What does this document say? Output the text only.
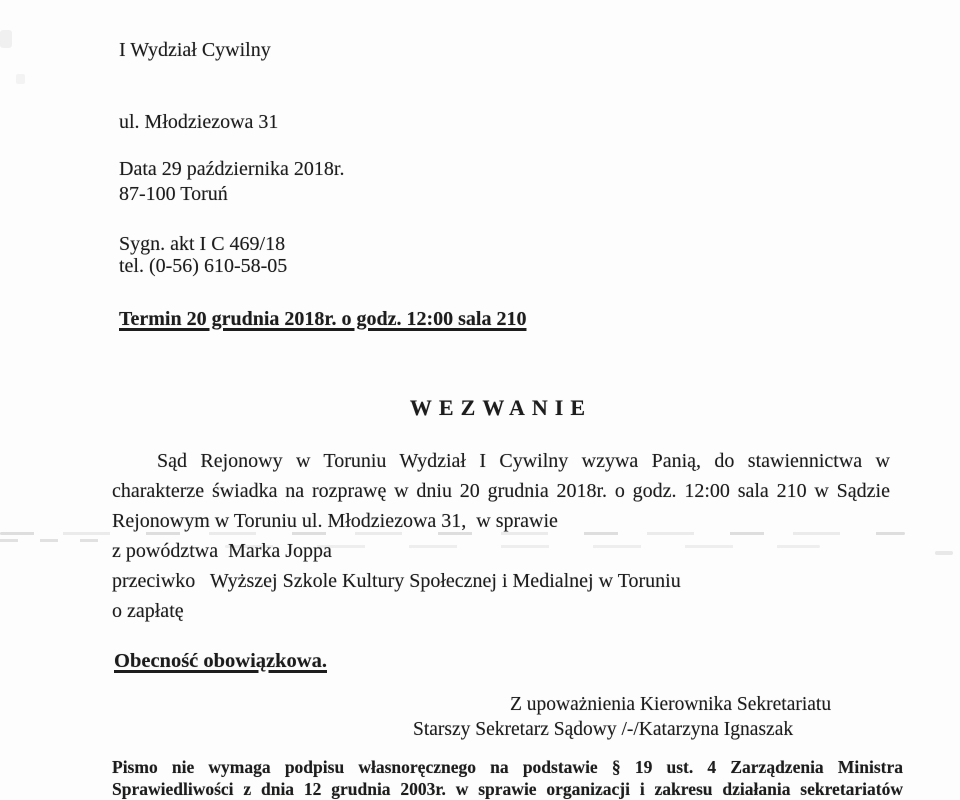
I Wydział Cywilny

ul. Młodziezowa 31

87-100 Toruń

tel. (0-56) 610-58-05

Data 29 października 2018r.

Sygn. akt I C 469/18

Termin 20 grudnia 2018r. o godz. 12:00 sala 210

WEZWANIE
Sąd Rejonowy w Toruniu Wydział I Cywilny wzywa Panią, do stawiennictwa w
charakterze świadka na rozprawę w dniu 20 grudnia 2018r. o godz. 12:00 sala 210 w Sądzie
Rejonowym w Toruniu ul. Młodziezowa 31,  w sprawie
z powództwa  Marka Joppa
przeciwko   Wyższej Szkole Kultury Społecznej i Medialnej w Toruniu
o zapłatę
Obecność obowiązkowa.
Z upoważnienia Kierownika Sekretariatu
Starszy Sekretarz Sądowy /-/Katarzyna Ignaszak
Pismo nie wymaga podpisu własnoręcznego na podstawie § 19 ust. 4 Zarządzenia Ministra
Sprawiedliwości z dnia 12 grudnia 2003r. w sprawie organizacji i zakresu działania sekretariatów
